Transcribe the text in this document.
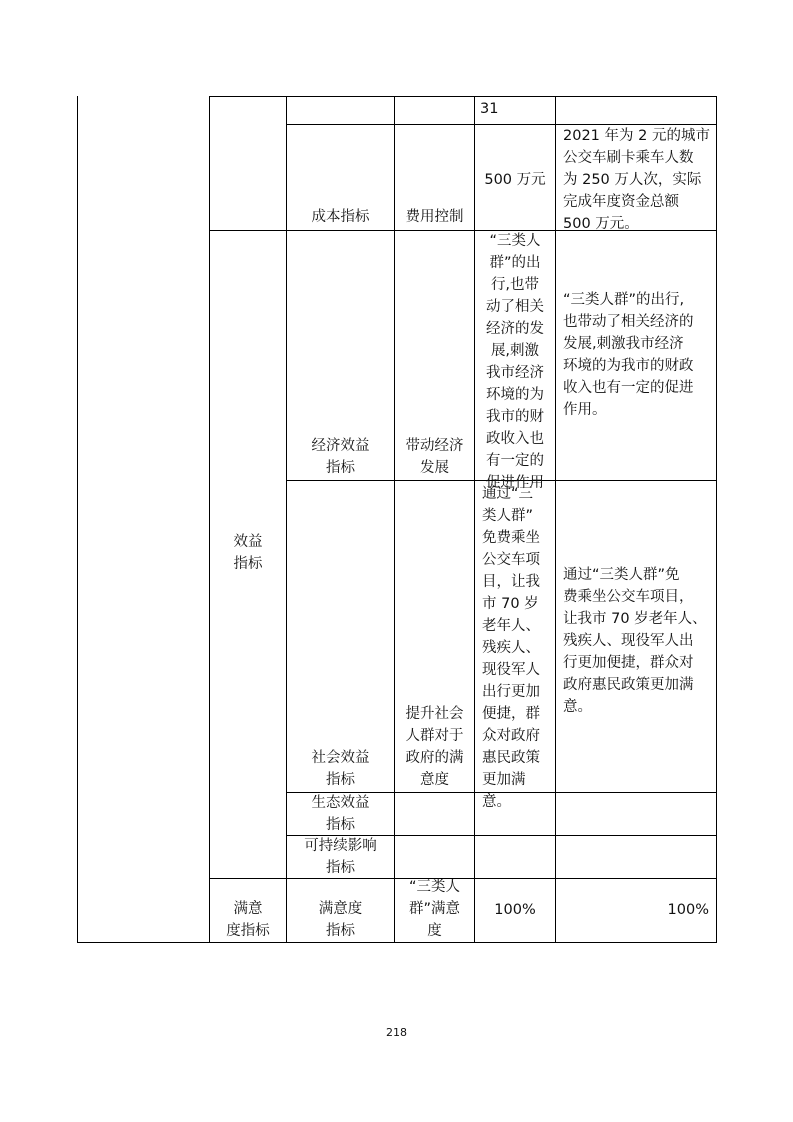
31
成本指标	费用控制
500 万元
2021 年为 2 元的城市
公交车刷卡乘车人数
为 250 万人次，实际
完成年度资金总额
500 万元。
效益
指标
经济效益
指标
带动经济
发展
“三类人
群”的出
行,也带
动了相关
经济的发
展,刺激
我市经济
环境的为
我市的财
政收入也
有一定的
促进作用
“三类人群”的出行,
也带动了相关经济的
发展,刺激我市经济
环境的为我市的财政
收入也有一定的促进
作用。
社会效益
指标
提升社会
人群对于
政府的满
意度
通过“三
类人群”
免费乘坐
公交车项
目，让我
市 70 岁
老年人、
残疾人、
现役军人
出行更加
便捷，群
众对政府
惠民政策
更加满
意。
通过“三类人群”免
费乘坐公交车项目，
让我市 70 岁老年人、
残疾人、现役军人出
行更加便捷，群众对
政府惠民政策更加满
意。
生态效益
指标
可持续影响
指标
满意
度指标
满意度
指标
“三类人
群”满意
度
100%	100%
218
